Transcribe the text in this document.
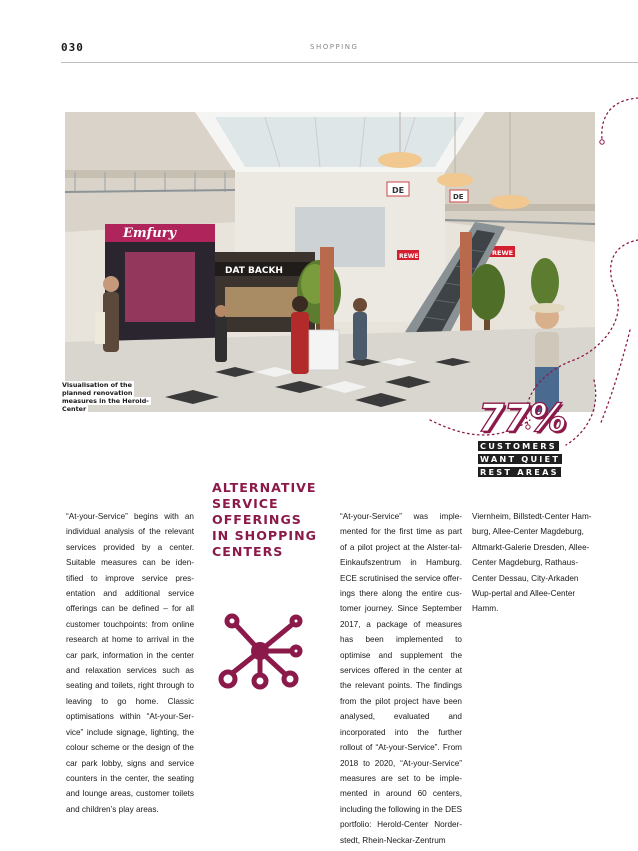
030	SHOPPING
Emfury
DAT BACKH
REWE	REWE
DE
DE
Visualisation of the planned renovation measures in the Herold-Center	77%
CUSTOMERS
WANT QUIET
REST AREAS
ALTERNATIVE
SERVICE
OFFERINGS
IN SHOPPING
CENTERS
“At-your-Service” begins with an individual analysis of the relevant services provided by a center. Suitable measures can be iden-tified to improve service pres-entation and additional service offerings can be defined – for all customer touchpoints: from online research at home to arrival in the car park, information in the center and relaxation services such as seating and toilets, right through to leaving to go home. Classic optimisations within “At-your-Ser-vice” include signage, lighting, the colour scheme or the design of the car park lobby, signs and service counters in the center, the seating and lounge areas, customer toilets and children’s play areas.
“At-your-Service” was imple-mented for the first time as part of a pilot project at the Alster-tal-Einkaufszentrum in Hamburg. ECE scrutinised the service offer-ings there along the entire cus-tomer journey. Since September 2017, a package of measures has been implemented to optimise and supplement the services offered in the center at the relevant points. The findings from the pilot project have been analysed, evaluated and incorporated into the further rollout of “At-your-Service”. From 2018 to 2020, “At-your-Service” measures are set to be imple-mented in around 60 centers, including the following in the DES portfolio: Herold-Center Norder-stedt, Rhein-Neckar-Zentrum
Viernheim, Billstedt-Center Ham-burg, Allee-Center Magdeburg, Altmarkt-Galerie Dresden, Allee-Center Magdeburg, Rathaus-Center Dessau, City-Arkaden Wup-pertal and Allee-Center Hamm.
